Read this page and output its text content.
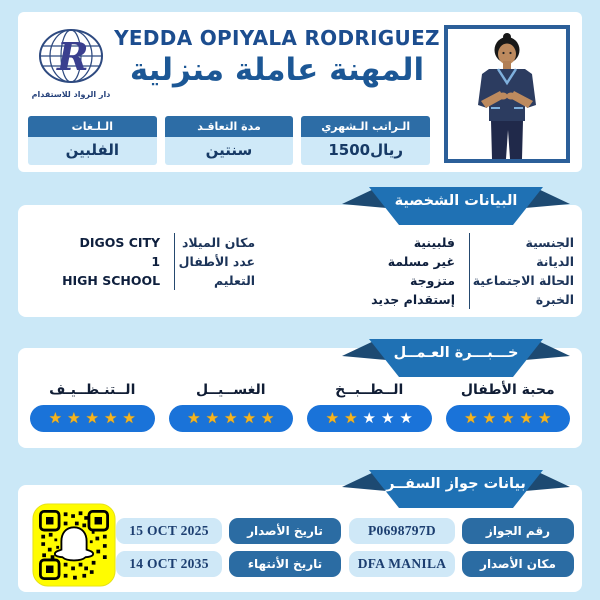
R
دار الرواد للاستقدام
YEDDA OPIYALA RODRIGUEZ
المهنة عاملة منزلية
الـراتب الـشهري
1500ريال
مدة التعاقـد
سنتين
الـلـغات
الفلبين
البيانات الشخصية
الجنسية
فلبينية
الديانة
غير مسلمة
الحالة الاجتماعية
متزوجة
الخبرة
إستقدام جديد
مكان الميلاد
DIGOS CITY
عدد الأطفال
1
التعليم
HIGH SCHOOL
خـــبـــرة العـمــل
محبة الأطفال
★ ★ ★ ★ ★
الــطــبــخ
★ ★ ★ ★ ★
الغســيــل
★ ★ ★ ★ ★
الــتنـظــيـف
★ ★ ★ ★ ★
بيانات جواز السفــر
رقم الجواز
P0698797D
تاريخ الأصدار
15 OCT 2025
مكان الأصدار
DFA MANILA
تاريخ الأنتهاء
14 OCT 2035
